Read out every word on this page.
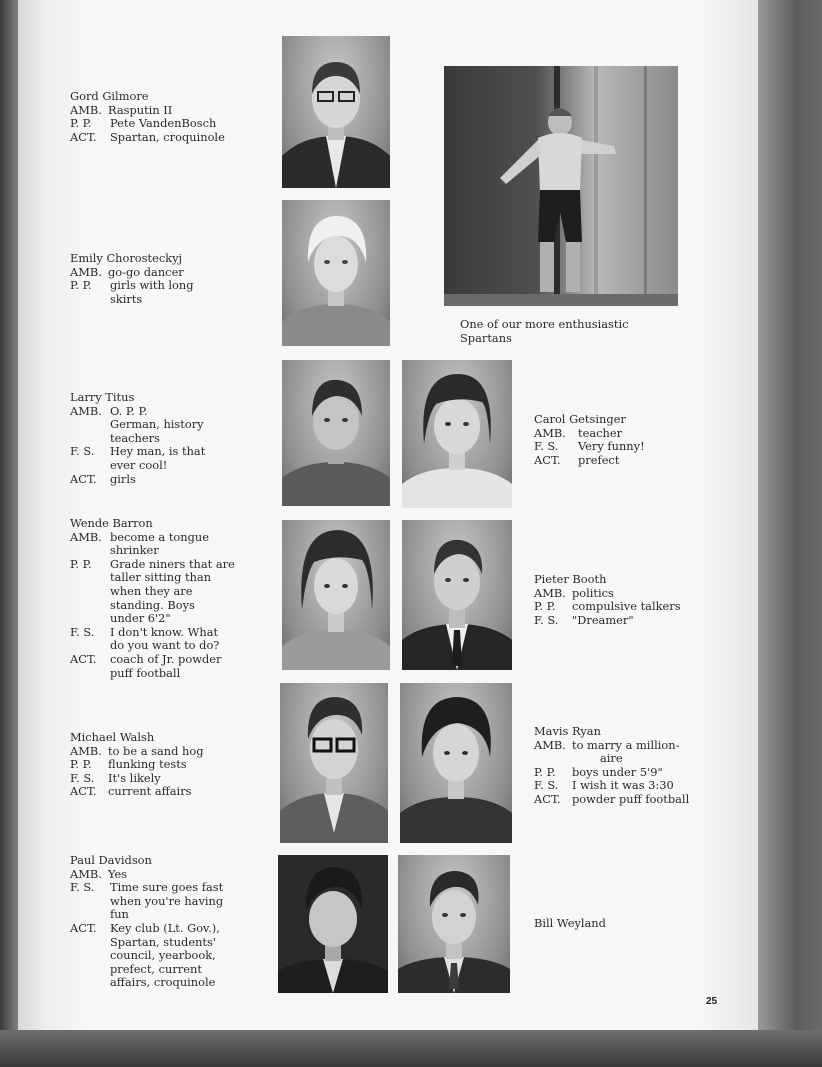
Gord Gilmore
AMB. Rasputin II
P. P.	Pete VandenBosch
ACT.	Spartan, croquinole
Emily Chorosteckyj
AMB. go-go dancer
P. P.	girls with long
skirts
Larry Titus
AMB. O. P. P.
German, history
teachers
F. S.	Hey man, is that
ever cool!
ACT.	girls
Carol Getsinger
AMB.	teacher
F. S.	Very funny!
ACT.	prefect
Wende Barron
AMB. become a tongue
shrinker
P. P.	Grade niners that are
taller sitting than
when they are
standing. Boys
under 6'2"
F. S.	I don't know. What
do you want to do?
ACT.	coach of Jr. powder
puff football
Pieter Booth
AMB. politics
P. P.	compulsive talkers
F. S.	"Dreamer"
Michael Walsh
AMB. to be a sand hog
P. P.	flunking tests
F. S.	It's likely
ACT.	current affairs
Mavis Ryan
AMB. to marry a million-
aire
P. P.	boys under 5'9"
F. S.	I wish it was 3:30
ACT.	powder puff football
Paul Davidson
AMB. Yes
F. S.	Time sure goes fast
when you're having
fun
ACT.	Key club (Lt. Gov.),
Spartan, students'
council, yearbook,
prefect, current
affairs, croquinole
Bill Weyland
One of our more enthusiastic
Spartans
25
